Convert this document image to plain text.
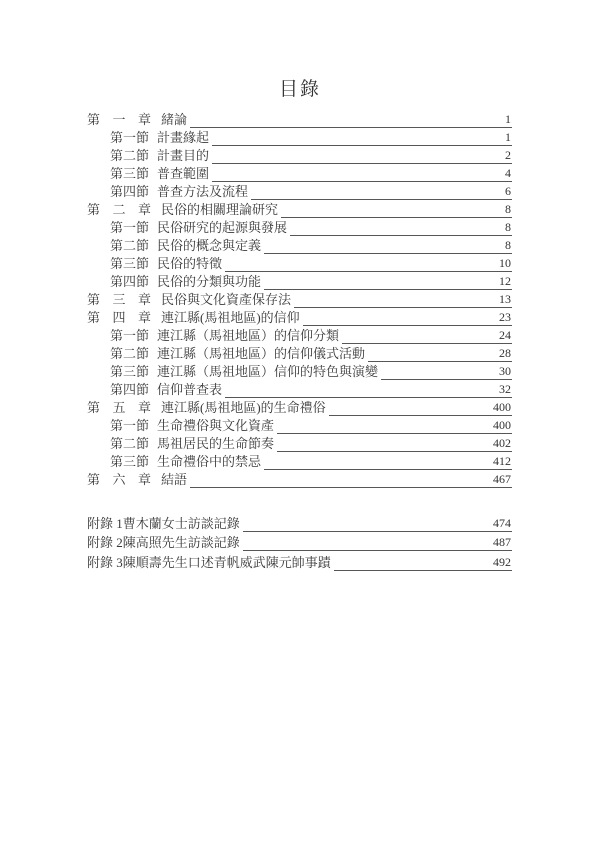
目錄
第 一 章 緒論	1
第一節 計畫緣起	1
第二節 計畫目的	2
第三節 普查範圍	4
第四節 普查方法及流程	6
第 二 章 民俗的相關理論研究	8
第一節 民俗研究的起源與發展	8
第二節 民俗的概念與定義	8
第三節 民俗的特徵	10
第四節 民俗的分類與功能	12
第 三 章 民俗與文化資產保存法	13
第 四 章 連江縣(馬祖地區)的信仰	23
第一節 連江縣（馬祖地區）的信仰分類	24
第二節 連江縣（馬祖地區）的信仰儀式活動	28
第三節 連江縣（馬祖地區）信仰的特色與演變	30
第四節 信仰普查表	32
第 五 章 連江縣(馬祖地區)的生命禮俗	400
第一節 生命禮俗與文化資產	400
第二節 馬祖居民的生命節奏	402
第三節 生命禮俗中的禁忌	412
第 六 章 結語	467
附錄 1 曹木蘭女士訪談記錄	474
附錄 2 陳高照先生訪談記錄	487
附錄 3 陳順壽先生口述青帆威武陳元帥事蹟	492
